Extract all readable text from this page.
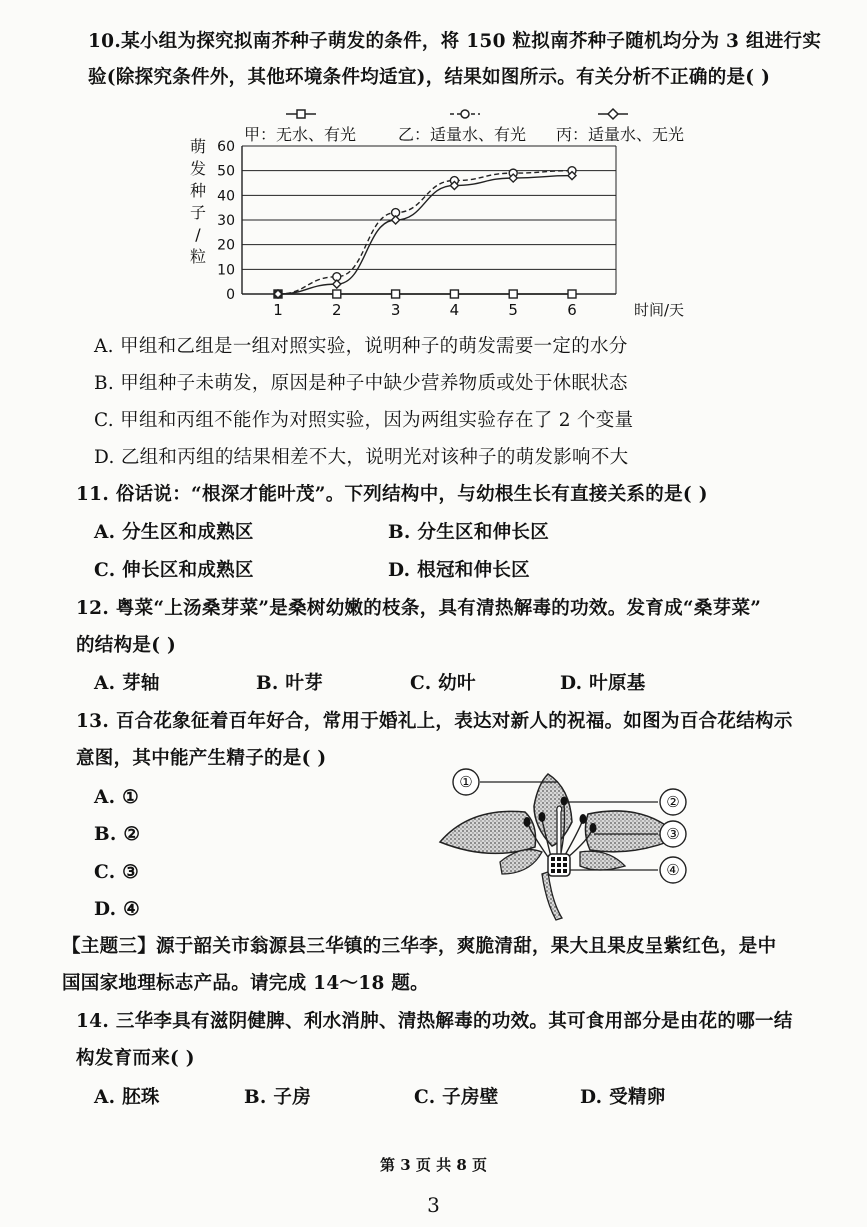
10.某小组为探究拟南芥种子萌发的条件，将 150 粒拟南芥种子随机均分为 3 组进行实
验(除探究条件外，其他环境条件均适宜)，结果如图所示。有关分析不正确的是( )
甲：无水、有光	乙：适量水、有光 丙：适量水、无光
萌
发
种
子
/
粒
0
10
20
30
40
50
60
1	2	3	4	5	6	时间/天
A. 甲组和乙组是一组对照实验，说明种子的萌发需要一定的水分
B. 甲组种子未萌发，原因是种子中缺少营养物质或处于休眠状态
C. 甲组和丙组不能作为对照实验，因为两组实验存在了 2 个变量
D. 乙组和丙组的结果相差不大，说明光对该种子的萌发影响不大
11. 俗话说：“根深才能叶茂”。下列结构中，与幼根生长有直接关系的是( )
A. 分生区和成熟区	B. 分生区和伸长区
C. 伸长区和成熟区	D. 根冠和伸长区
12. 粤菜“上汤桑芽菜”是桑树幼嫩的枝条，具有清热解毒的功效。发育成“桑芽菜”
的结构是( )
A. 芽轴	B. 叶芽	C. 幼叶	D. 叶原基
13. 百合花象征着百年好合，常用于婚礼上，表达对新人的祝福。如图为百合花结构示
意图，其中能产生精子的是( )
A. ①
B. ②
C. ③
D. ④
①
②
③
④
【主题三】源于韶关市翁源县三华镇的三华李，爽脆清甜，果大且果皮呈紫红色，是中
国国家地理标志产品。请完成 14～18 题。
14. 三华李具有滋阴健脾、利水消肿、清热解毒的功效。其可食用部分是由花的哪一结
构发育而来( )
A. 胚珠	B. 子房	C. 子房壁	D. 受精卵
第 3 页 共 8 页
3
